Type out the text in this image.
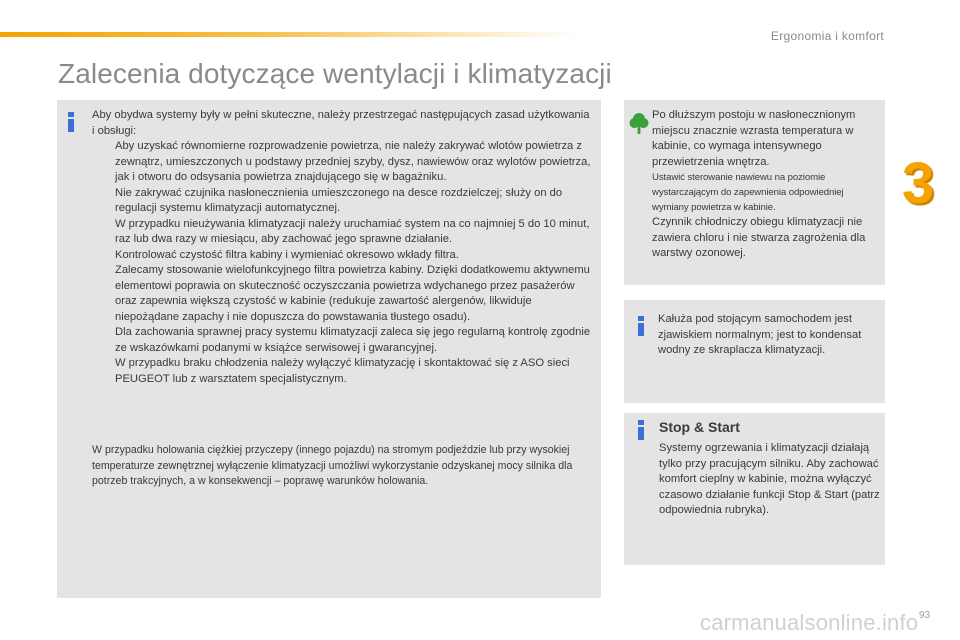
Ergonomia i komfort
3
Zalecenia dotyczące wentylacji i klimatyzacji
Aby obydwa systemy były w pełni skuteczne, należy przestrzegać następujących zasad użytkowania i obsługi:
Aby uzyskać równomierne rozprowadzenie powietrza, nie należy zakrywać wlotów powietrza z zewnątrz, umieszczonych u podstawy przedniej szyby, dysz, nawiewów oraz wylotów powietrza, jak i otworu do odsysania powietrza znajdującego się w bagażniku.
Nie zakrywać czujnika nasłonecznienia umieszczonego na desce rozdzielczej; służy on do regulacji systemu klimatyzacji automatycznej.
W przypadku nieużywania klimatyzacji należy uruchamiać system na co najmniej 5 do 10 minut, raz lub dwa razy w miesiącu, aby zachować jego sprawne działanie.
Kontrolować czystość filtra kabiny i wymieniać okresowo wkłady filtra.
Zalecamy stosowanie wielofunkcyjnego filtra powietrza kabiny. Dzięki dodatkowemu aktywnemu elementowi poprawia on skuteczność oczyszczania powietrza wdychanego przez pasażerów oraz zapewnia większą czystość w kabinie (redukuje zawartość alergenów, likwiduje niepożądane zapachy i nie dopuszcza do powstawania tłustego osadu).
Dla zachowania sprawnej pracy systemu klimatyzacji zaleca się jego regularną kontrolę zgodnie ze wskazówkami podanymi w książce serwisowej i gwarancyjnej.
W przypadku braku chłodzenia należy wyłączyć klimatyzację i skontaktować się z ASO sieci PEUGEOT lub z warsztatem specjalistycznym.
W przypadku holowania ciężkiej przyczepy (innego pojazdu) na stromym podjeździe lub przy wysokiej temperaturze zewnętrznej wyłączenie klimatyzacji umożliwi wykorzystanie odzyskanej mocy silnika dla potrzeb trakcyjnych, a w konsekwencji – poprawę warunków holowania.
Po dłuższym postoju w nasłonecznionym miejscu znacznie wzrasta temperatura w kabinie, co wymaga intensywnego przewietrzenia wnętrza.
Ustawić sterowanie nawiewu na poziomie wystarczającym do zapewnienia odpowiedniej wymiany powietrza w kabinie.
Czynnik chłodniczy obiegu klimatyzacji nie zawiera chloru i nie stwarza zagrożenia dla warstwy ozonowej.
Kałuża pod stojącym samochodem jest zjawiskiem normalnym; jest to kondensat wodny ze skraplacza klimatyzacji.
Stop & Start
Systemy ogrzewania i klimatyzacji działają tylko przy pracującym silniku. Aby zachować komfort cieplny w kabinie, można wyłączyć czasowo działanie funkcji Stop & Start (patrz odpowiednia rubryka).
carmanualsonline.info 93
